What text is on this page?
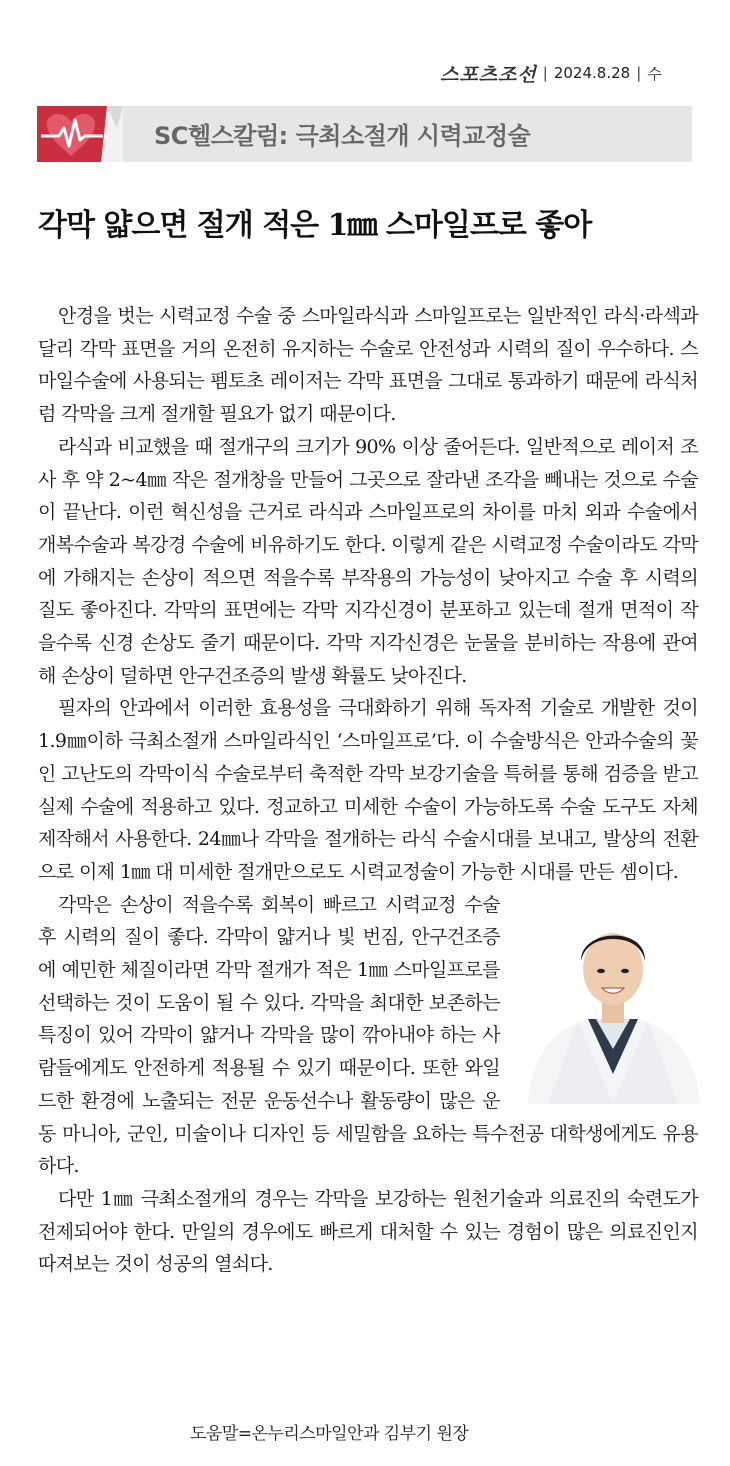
스포츠조선 | 2024.8.28 | 수
SC헬스칼럼: 극최소절개 시력교정술
각막 얇으면 절개 적은 1㎜ 스마일프로 좋아

안경을 벗는 시력교정 수술 중 스마일라식과 스마일프로는 일반적인 라식·라섹과 달리 각막 표면을 거의 온전히 유지하는 수술로 안전성과 시력의 질이 우수하다. 스마일수술에 사용되는 펨토초 레이저는 각막 표면을 그대로 통과하기 때문에 라식처럼 각막을 크게 절개할 필요가 없기 때문이다.

라식과 비교했을 때 절개구의 크기가 90% 이상 줄어든다. 일반적으로 레이저 조사 후 약 2~4㎜ 작은 절개창을 만들어 그곳으로 잘라낸 조각을 빼내는 것으로 수술이 끝난다. 이런 혁신성을 근거로 라식과 스마일프로의 차이를 마치 외과 수술에서 개복수술과 복강경 수술에 비유하기도 한다. 이렇게 같은 시력교정 수술이라도 각막에 가해지는 손상이 적으면 적을수록 부작용의 가능성이 낮아지고 수술 후 시력의 질도 좋아진다. 각막의 표면에는 각막 지각신경이 분포하고 있는데 절개 면적이 작을수록 신경 손상도 줄기 때문이다. 각막 지각신경은 눈물을 분비하는 작용에 관여해 손상이 덜하면 안구건조증의 발생 확률도 낮아진다.

필자의 안과에서 이러한 효용성을 극대화하기 위해 독자적 기술로 개발한 것이 1.9㎜이하 극최소절개 스마일라식인 ‘스마일프로’다. 이 수술방식은 안과수술의 꽃인 고난도의 각막이식 수술로부터 축적한 각막 보강기술을 특허를 통해 검증을 받고 실제 수술에 적용하고 있다. 정교하고 미세한 수술이 가능하도록 수술 도구도 자체 제작해서 사용한다. 24㎜나 각막을 절개하는 라식 수술시대를 보내고, 발상의 전환으로 이제 1㎜ 대 미세한 절개만으로도 시력교정술이 가능한 시대를 만든 셈이다.

각막은 손상이 적을수록 회복이 빠르고 시력교정 수술 후 시력의 질이 좋다. 각막이 얇거나 빛 번짐, 안구건조증에 예민한 체질이라면 각막 절개가 적은 1㎜ 스마일프로를 선택하는 것이 도움이 될 수 있다. 각막을 최대한 보존하는 특징이 있어 각막이 얇거나 각막을 많이 깎아내야 하는 사람들에게도 안전하게 적용될 수 있기 때문이다. 또한 와일드한 환경에 노출되는 전문 운동선수나 활동량이 많은 운동 마니아, 군인, 미술이나 디자인 등 세밀함을 요하는 특수전공 대학생에게도 유용하다.

다만 1㎜ 극최소절개의 경우는 각막을 보강하는 원천기술과 의료진의 숙련도가 전제되어야 한다. 만일의 경우에도 빠르게 대처할 수 있는 경험이 많은 의료진인지 따져보는 것이 성공의 열쇠다.

도움말=온누리스마일안과 김부기 원장
